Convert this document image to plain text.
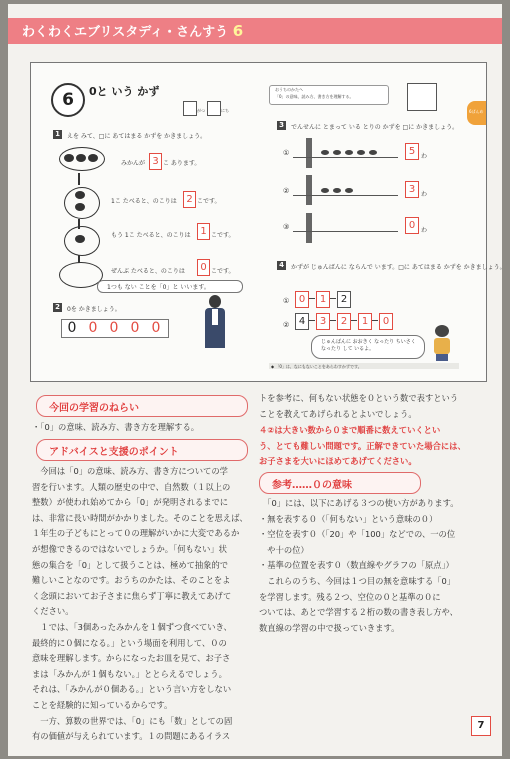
わくわくエブリスタディ・さんすう 6
6	0と いう かず
がつ	にち
1	えを みて、□に あてはまる かずを かきましょう。
みかんが 3 こ あります。
1こ たべると、のこりは 2 こです。
もう 1こ たべると、のこりは 1 こです。
ぜんぶ たべると、のこりは	0 こです。
1つも ない ことを「0」と いいます。
2	0を かきましょう。
0 0 0 0 0
おうちのかたへ
「0」の意味、読み方、書き方を理解する。
6ばんめ
3	でんせんに とまって いる とりの かずを □に かきましょう。
①	5 わ
②	3 わ
③	0 わ
4	かずが じゅんばんに ならんで います。□に あてはまる かずを かきましょう。
① 0	1	2
② 4	3	2	1	0
じゅんばんに おおきく なったり ちいさく なったり して いるよ。
◆ 「0」は、なにもないことをあらわすかずです。
今回の学習のねらい
・「0」の意味、読み方、書き方を理解する。
アドバイスと支援のポイント
　今回は「0」の意味、読み方、書き方についての学
習を行います。人類の歴史の中で、自然数（１以上の
整数）が使われ始めてから「0」が発明されるまでに
は、非常に長い時間がかかりました。そのことを思えば、
１年生の子どもにとって０の理解がいかに大変であるか
が想像できるのではないでしょうか。「何もない」状
態の集合を「0」として扱うことは、極めて抽象的で
難しいことなのです。おうちのかたは、そのことをよ
く念頭においてお子さまに焦らず丁寧に教えてあげて
ください。
　１では、「3個あったみかんを１個ずつ食べていき、
最終的に０個になる。」という場面を利用して、０の
意味を理解します。からになったお皿を見て、お子さ
まは「みかんが１個もない。」ととらえるでしょう。
それは、「みかんが０個ある。」という言い方をしない
ことを経験的に知っているからです。
　一方、算数の世界では、「0」にも「数」としての固
有の価値が与えられています。１の問題にあるイラス
トを参考に、何もない状態を０という数で表すという
ことを教えてあげられるとよいでしょう。
４②は大きい数から０まで順番に数えていくとい
う、とても難しい問題です。正解できていた場合には、
お子さまを大いにほめてあげてください。
参考……０の意味
　「0」には、以下にあげる３つの使い方があります。
・無を表する０（「何もない」という意味の０）
・空位を表す０（「20」や「100」などでの、一の位
　や十の位）
・基準の位置を表す０（数直線やグラフの「原点」）
　これらのうち、今回は１つ目の無を意味する「0」
を学習します。残る２つ、空位の０と基準の０に
ついては、あとで学習する２桁の数の書き表し方や、
数直線の学習の中で扱っていきます。
7
